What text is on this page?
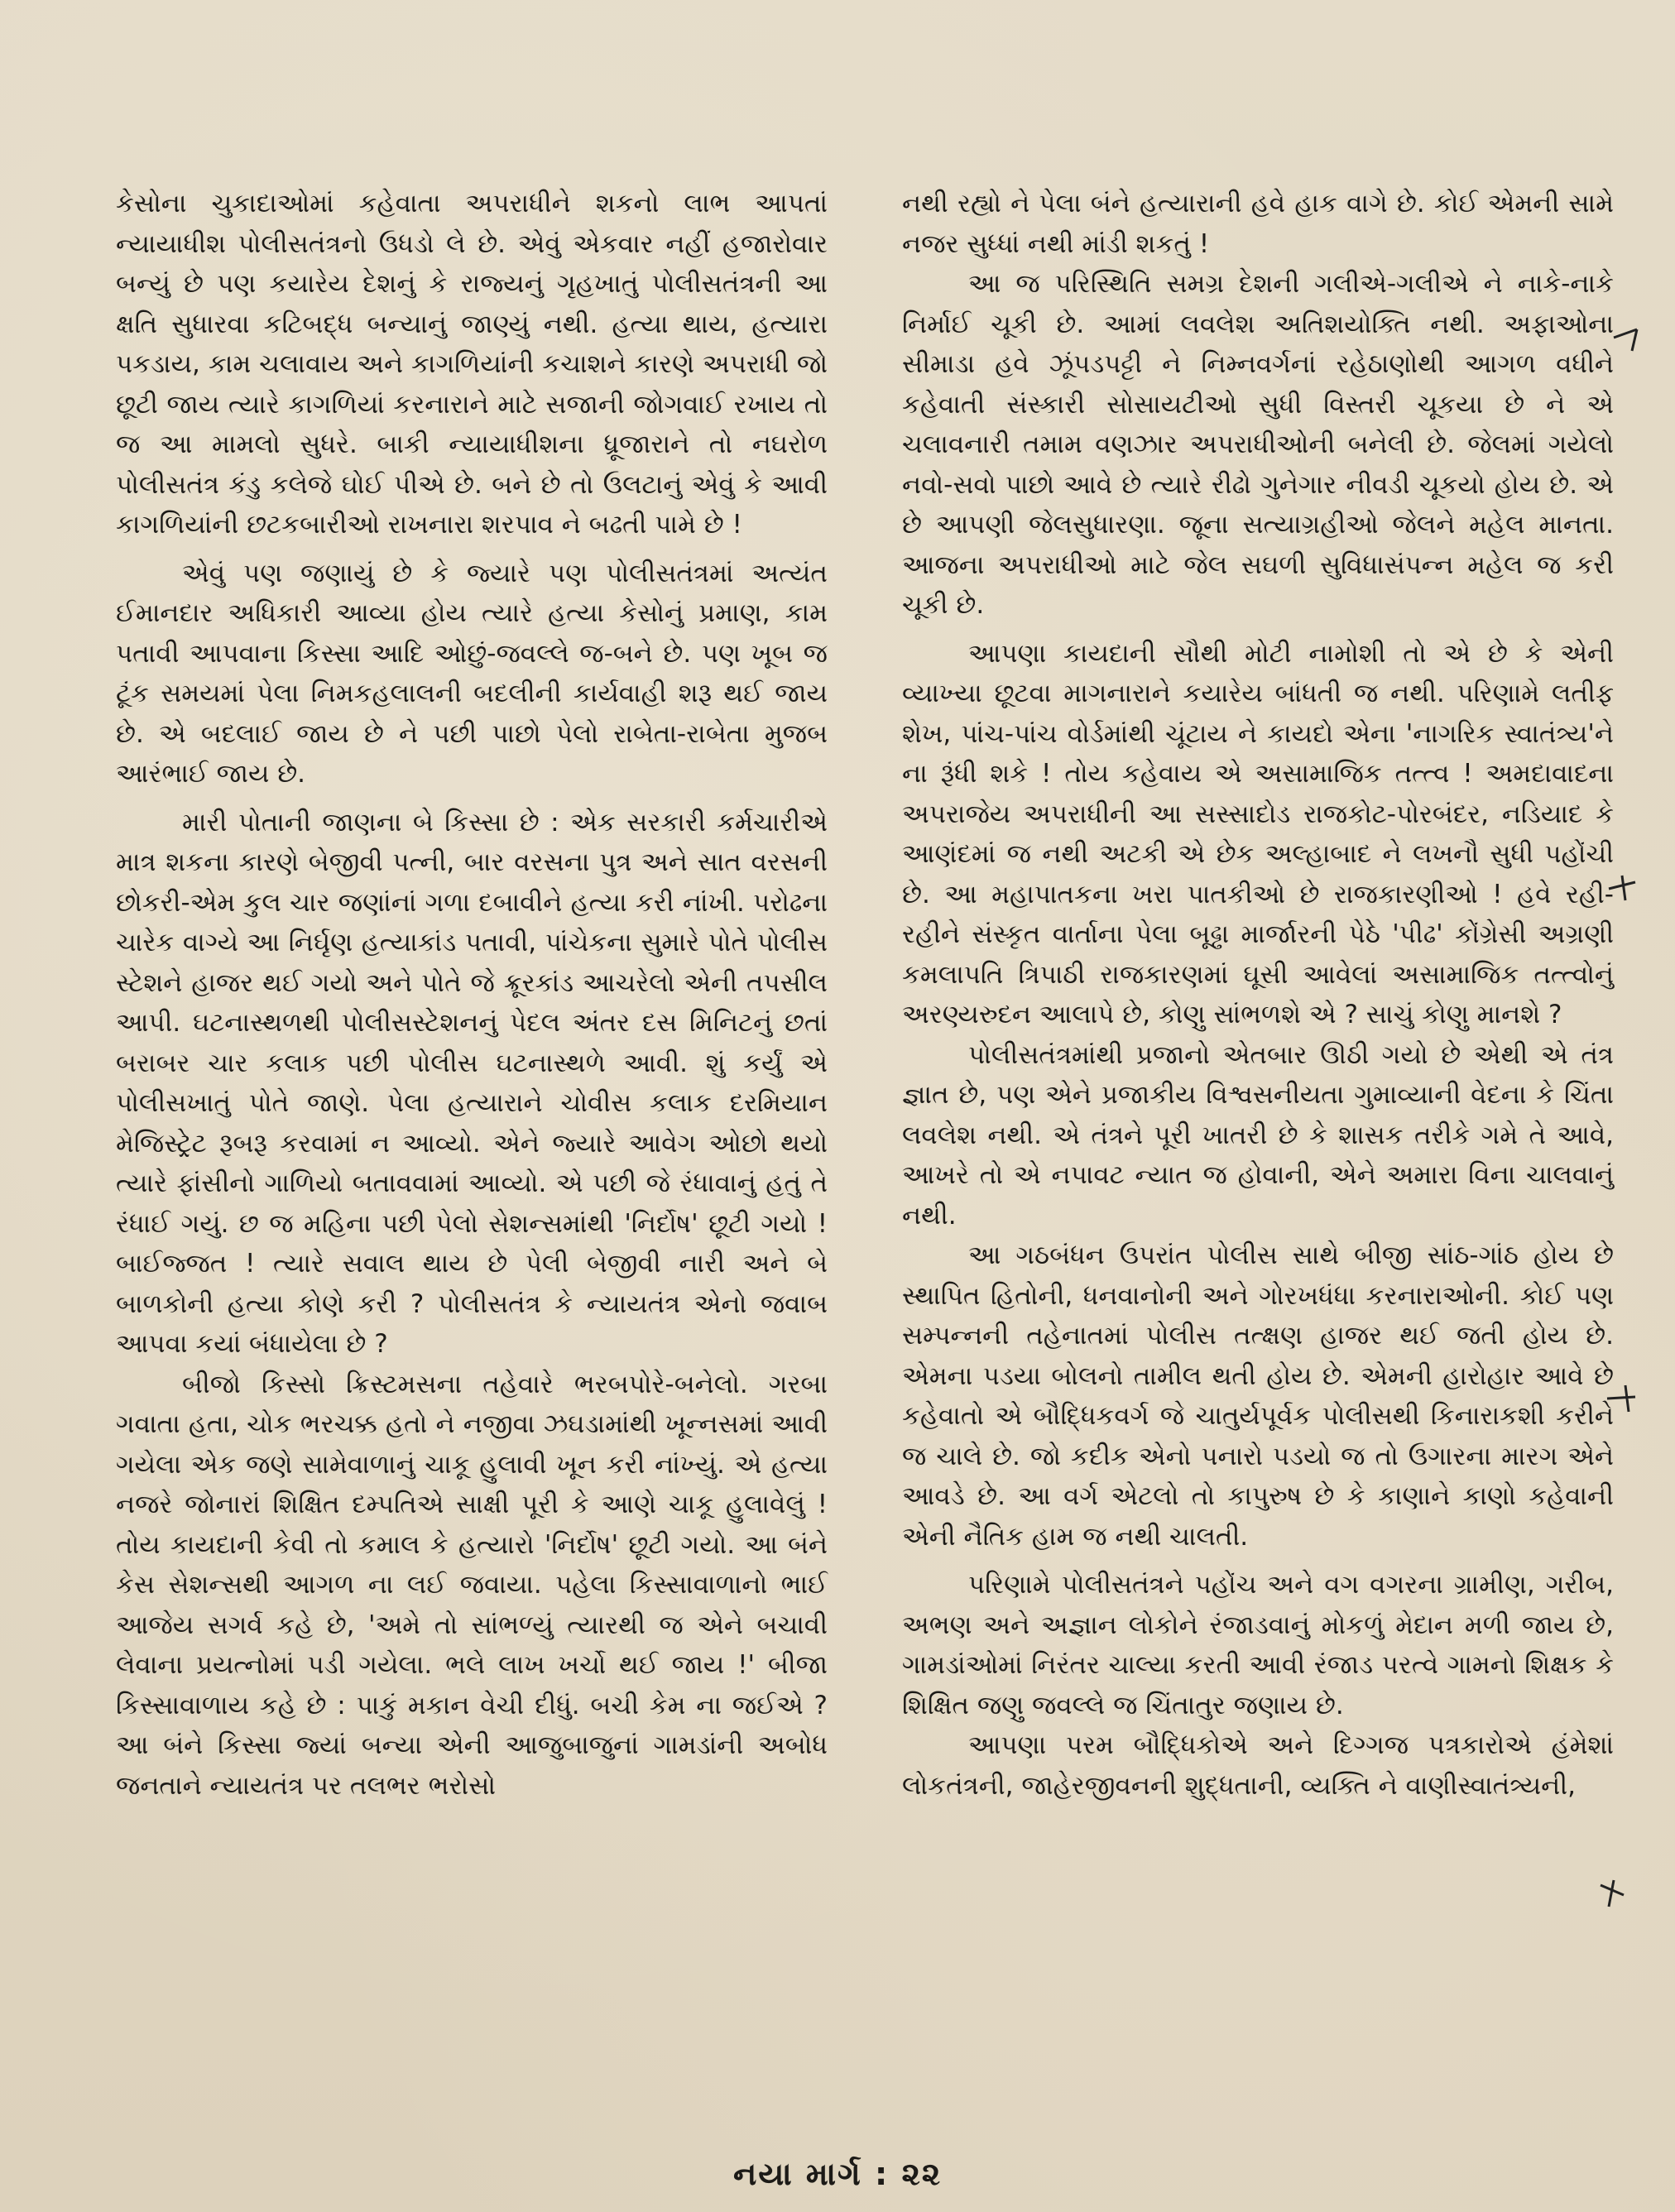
કેસોના ચુકાદાઓમાં કહેવાતા અપરાધીને શકનો લાભ આપતાં ન્યાયાધીશ પોલીસતંત્રનો ઉધડો લે છે. એવું એકવાર નહીં હજારોવાર બન્યું છે પણ કયારેય દેશનું કે રાજ્યનું ગૃહખાતું પોલીસતંત્રની આ ક્ષતિ સુધારવા કટિબદ્ધ બન્યાનું જાણ્યું નથી. હત્યા થાય, હત્યારા પકડાય, કામ ચલાવાય અને કાગળિયાંની કચાશને કારણે અપરાધી જો છૂટી જાય ત્યારે કાગળિયાં કરનારાને માટે સજાની જોગવાઈ રખાય તો જ આ મામલો સુધરે. બાકી ન્યાયાધીશના ધ્રૂજારાને તો નઘરોળ પોલીસતંત્ર કંડુ કલેજે ઘોઈ પીએ છે. બને છે તો ઉલટાનું એવું કે આવી કાગળિયાંની છટકબારીઓ રાખનારા શરપાવ ને બઢતી પામે છે !

એવું પણ જણાયું છે કે જ્યારે પણ પોલીસતંત્રમાં અત્યંત ઈમાનદાર અધિકારી આવ્યા હોય ત્યારે હત્યા કેસોનું પ્રમાણ, કામ પતાવી આપવાના કિસ્સા આદિ ઓછું-જવલ્લે જ-બને છે. પણ ખૂબ જ ટૂંક સમયમાં પેલા નિમકહલાલની બદલીની કાર્યવાહી શરૂ થઈ જાય છે. એ બદલાઈ જાય છે ને પછી પાછો પેલો રાબેતા-રાબેતા મુજબ આરંભાઈ જાય છે.

મારી પોતાની જાણના બે કિસ્સા છે : એક સરકારી કર્મચારીએ માત્ર શકના કારણે બેજીવી પત્ની, બાર વરસના પુત્ર અને સાત વરસની છોકરી-એમ કુલ ચાર જણાંનાં ગળા દબાવીને હત્યા કરી નાંખી. પરોઢના ચારેક વાગ્યે આ નિર્ઘૃણ હત્યાકાંડ પતાવી, પાંચેકના સુમારે પોતે પોલીસ સ્ટેશને હાજર થઈ ગયો અને પોતે જે ક્રૂરકાંડ આચરેલો એની તપસીલ આપી. ઘટનાસ્થળથી પોલીસસ્ટેશનનું પેદલ અંતર દસ મિનિટનું છતાં બરાબર ચાર કલાક પછી પોલીસ ઘટનાસ્થળે આવી. શું કર્યું એ પોલીસખાતું પોતે જાણે. પેલા હત્યારાને ચોવીસ કલાક દરમિયાન મેજિસ્ટ્રેટ રૂબરૂ કરવામાં ન આવ્યો. એને જ્યારે આવેગ ઓછો થયો ત્યારે ફાંસીનો ગાળિયો બતાવવામાં આવ્યો. એ પછી જે રંધાવાનું હતું તે રંધાઈ ગયું. છ જ મહિના પછી પેલો સેશન્સમાંથી 'નિર્દોષ' છૂટી ગયો ! બાઈજ્જત ! ત્યારે સવાલ થાય છે પેલી બેજીવી નારી અને બે બાળકોની હત્યા કોણે કરી ? પોલીસતંત્ર કે ન્યાયતંત્ર એનો જવાબ આપવા કયાં બંધાયેલા છે ?

બીજો કિસ્સો ક્રિસ્ટમસના તહેવારે ભરબપોરે-બનેલો. ગરબા ગવાતા હતા, ચોક ભરચક્ક હતો ને નજીવા ઝઘડામાંથી ખૂન્નસમાં આવી ગયેલા એક જણે સામેવાળાનું ચાકૂ હુલાવી ખૂન કરી નાંખ્યું. એ હત્યા નજરે જોનારાં શિક્ષિત દમ્પતિએ સાક્ષી પૂરી કે આણે ચાકૂ હુલાવેલું ! તોય કાયદાની કેવી તો કમાલ કે હત્યારો 'નિર્દોષ' છૂટી ગયો. આ બંને કેસ સેશન્સથી આગળ ના લઈ જવાયા. પહેલા કિસ્સાવાળાનો ભાઈ આજેય સગર્વ કહે છે, 'અમે તો સાંભળ્યું ત્યારથી જ એને બચાવી લેવાના પ્રયત્નોમાં પડી ગયેલા. ભલે લાખ ખર્ચો થઈ જાય !' બીજા કિસ્સાવાળાય કહે છે : પાકું મકાન વેચી દીધું. બચી કેમ ના જઈએ ? આ બંને કિસ્સા જ્યાં બન્યા એની આજુબાજુનાં ગામડાંની અબોધ જનતાને ન્યાયતંત્ર પર તલભર ભરોસો

નથી રહ્યો ને પેલા બંને હત્યારાની હવે હાક વાગે છે. કોઈ એમની સામે નજર સુધ્ધાં નથી માંડી શકતું !

આ જ પરિસ્થિતિ સમગ્ર દેશની ગલીએ-ગલીએ ને નાકે-નાકે નિર્માઈ ચૂકી છે. આમાં લવલેશ અતિશયોક્તિ નથી. અફાઓના સીમાડા હવે ઝૂંપડપટ્ટી ને નિમ્નવર્ગનાં રહેઠાણોથી આગળ વધીને કહેવાતી સંસ્કારી સોસાયટીઓ સુધી વિસ્તરી ચૂકયા છે ને એ ચલાવનારી તમામ વણઝાર અપરાધીઓની બનેલી છે. જેલમાં ગયેલો નવો-સવો પાછો આવે છે ત્યારે રીઢો ગુનેગાર નીવડી ચૂકયો હોય છે. એ છે આપણી જેલસુધારણા. જૂના સત્યાગ્રહીઓ જેલને મહેલ માનતા. આજના અપરાધીઓ માટે જેલ સઘળી સુવિધાસંપન્ન મહેલ જ કરી ચૂકી છે.

આપણા કાયદાની સૌથી મોટી નામોશી તો એ છે કે એની વ્યાખ્યા છૂટવા માગનારાને કયારેય બાંધતી જ નથી. પરિણામે લતીફ શેખ, પાંચ-પાંચ વોર્ડમાંથી ચૂંટાય ને કાયદો એના 'નાગરિક સ્વાતંત્ર્ય'ને ના રૂંધી શકે ! તોય કહેવાય એ અસામાજિક તત્ત્વ ! અમદાવાદના અપરાજેય અપરાધીની આ સસ્સાદોડ રાજકોટ-પોરબંદર, નડિયાદ કે આણંદમાં જ નથી અટકી એ છેક અલ્હાબાદ ને લખનૌ સુધી પહોંચી છે. આ મહાપાતકના ખરા પાતકીઓ છે રાજકારણીઓ ! હવે રહી-રહીને સંસ્કૃત વાર્તાના પેલા બૂઢ્ઢા માર્જારની પેઠે 'પીઢ' કોંગ્રેસી અગ્રણી કમલાપતિ ત્રિપાઠી રાજકારણમાં ઘૂસી આવેલાં અસામાજિક તત્ત્વોનું અરણ્યરુદન આલાપે છે, કોણુ સાંભળશે એ ? સાચું કોણુ માનશે ?

પોલીસતંત્રમાંથી પ્રજાનો એતબાર ઊઠી ગયો છે એથી એ તંત્ર જ્ઞાત છે, પણ એને પ્રજાકીય વિશ્વસનીયતા ગુમાવ્યાની વેદના કે ચિંતા લવલેશ નથી. એ તંત્રને પૂરી ખાતરી છે કે શાસક તરીકે ગમે તે આવે, આખરે તો એ નપાવટ ન્યાત જ હોવાની, એને અમારા વિના ચાલવાનું નથી.

આ ગઠબંધન ઉપરાંત પોલીસ સાથે બીજી સાંઠ-ગાંઠ હોય છે સ્થાપિત હિતોની, ધનવાનોની અને ગોરખધંધા કરનારાઓની. કોઈ પણ સમ્પન્નની તહેનાતમાં પોલીસ તત્ક્ષણ હાજર થઈ જતી હોય છે. એમના પડયા બોલનો તામીલ થતી હોય છે. એમની હારોહાર આવે છે કહેવાતો એ બૌદ્ધિકવર્ગ જે ચાતુર્યપૂર્વક પોલીસથી કિનારાકશી કરીને જ ચાલે છે. જો કદીક એનો પનારો પડયો જ તો ઉગારના મારગ એને આવડે છે. આ વર્ગ એટલો તો કાપુરુષ છે કે કાણાને કાણો કહેવાની એની નૈતિક હામ જ નથી ચાલતી.

પરિણામે પોલીસતંત્રને પહોંચ અને વગ વગરના ગ્રામીણ, ગરીબ, અભણ અને અજ્ઞાન લોકોને રંજાડવાનું મોકળું મેદાન મળી જાય છે, ગામડાંઓમાં નિરંતર ચાલ્યા કરતી આવી રંજાડ પરત્વે ગામનો શિક્ષક કે શિક્ષિત જણુ જવલ્લે જ ચિંતાતુર જણાય છે.

આપણા પરમ બૌદ્ધિકોએ અને દિગ્ગજ પત્રકારોએ હંમેશાં લોકતંત્રની, જાહેરજીવનની શુદ્ધતાની, વ્યક્તિ ને વાણીસ્વાતંત્ર્યની,

નયા માર્ગ : ૨૨
